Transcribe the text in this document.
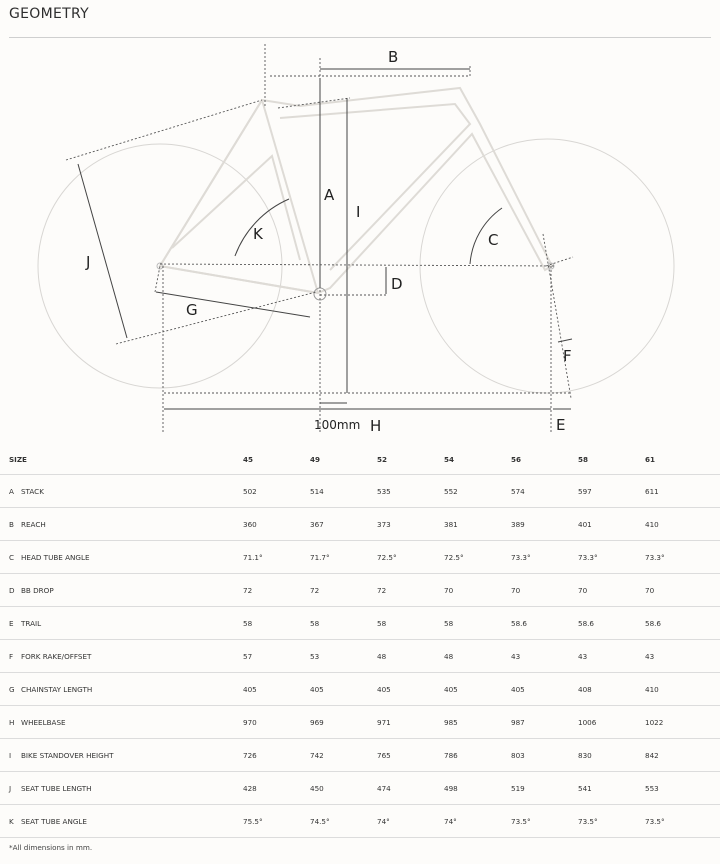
GEOMETRY
A
B
C
D
E
F
G
H
I
J
K
100mm
SIZE	45	49	52	54	56	58	61
A STACK	502	514	535	552	574	597	611
B REACH	360	367	373	381	389	401	410
C HEAD TUBE ANGLE	71.1°	71.7°	72.5°	72.5°	73.3°	73.3°	73.3°
D BB DROP	72	72	72	70	70	70	70
E TRAIL	58	58	58	58	58.6	58.6	58.6
F FORK RAKE/OFFSET	57	53	48	48	43	43	43
G CHAINSTAY LENGTH	405	405	405	405	405	408	410
H WHEELBASE	970	969	971	985	987	1006	1022
I BIKE STANDOVER HEIGHT	726	742	765	786	803	830	842
J SEAT TUBE LENGTH	428	450	474	498	519	541	553
K SEAT TUBE ANGLE	75.5°	74.5°	74°	74°	73.5°	73.5°	73.5°
*All dimensions in mm.
